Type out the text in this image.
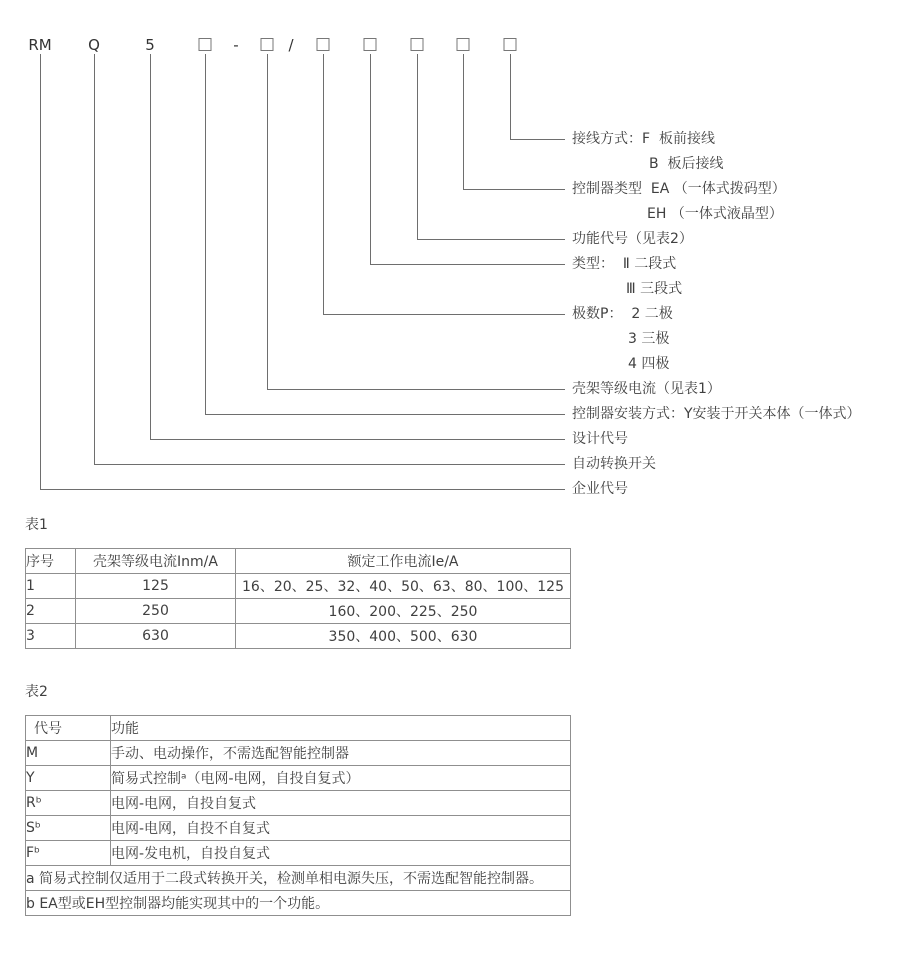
RM Q	5	-	/
接线方式：F  板前接线
B  板后接线
控制器类型  EA （一体式拨码型）
EH （一体式液晶型）
功能代号（见表2）
类型：  Ⅱ 二段式
Ⅲ 三段式
极数P：  2 二极
3 三极
4 四极
壳架等级电流（见表1）
控制器安装方式：Y安装于开关本体（一体式）
设计代号
自动转换开关
企业代号
表1
序号	壳架等级电流Inm/A	额定工作电流Ie/A
1	125	16、20、25、32、40、50、63、80、100、125
2	250	160、200、225、250
3	630	350、400、500、630
表2
代号	功能
M	手动、电动操作，不需选配智能控制器
Y	简易式控制ᵃ（电网-电网，自投自复式）
Rᵇ	电网-电网，自投自复式
Sᵇ	电网-电网，自投不自复式
Fᵇ	电网-发电机，自投自复式
a 简易式控制仅适用于二段式转换开关，检测单相电源失压，不需选配智能控制器。	
b EA型或EH型控制器均能实现其中的一个功能。	
